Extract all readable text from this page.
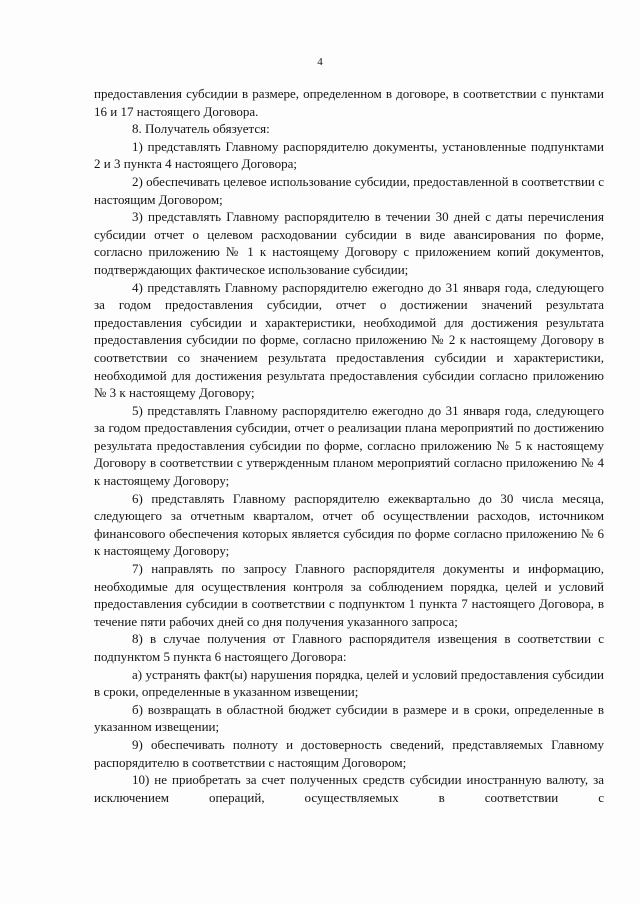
4

предоставления субсидии в размере, определенном в договоре, в соответствии с пунктами 16 и 17 настоящего Договора.

8. Получатель обязуется:

1) представлять Главному распорядителю документы, установленные подпунктами 2 и 3 пункта 4 настоящего Договора;

2) обеспечивать целевое использование субсидии, предоставленной в соответствии с настоящим Договором;

3) представлять Главному распорядителю в течении 30 дней с даты перечисления субсидии отчет о целевом расходовании субсидии в виде авансирования по форме, согласно приложению № 1 к настоящему Договору с приложением копий документов, подтверждающих фактическое использование субсидии;

4) представлять Главному распорядителю ежегодно до 31 января года, следующего за годом предоставления субсидии, отчет о достижении значений результата предоставления субсидии и характеристики, необходимой для достижения результата предоставления субсидии по форме, согласно приложению № 2 к настоящему Договору в соответствии со значением результата предоставления субсидии и характеристики, необходимой для достижения результата предоставления субсидии согласно приложению № 3 к настоящему Договору;

5) представлять Главному распорядителю ежегодно до 31 января года, следующего за годом предоставления субсидии, отчет о реализации плана мероприятий по достижению результата предоставления субсидии по форме, согласно приложению № 5 к настоящему Договору в соответствии с утвержденным планом мероприятий согласно приложению № 4 к настоящему Договору;

6) представлять Главному распорядителю ежеквартально до 30 числа месяца, следующего за отчетным кварталом, отчет об осуществлении расходов, источником финансового обеспечения которых является субсидия по форме согласно приложению № 6 к настоящему Договору;

7) направлять по запросу Главного распорядителя документы и информацию, необходимые для осуществления контроля за соблюдением порядка, целей и условий предоставления субсидии в соответствии с подпунктом 1 пункта 7 настоящего Договора, в течение пяти рабочих дней со дня получения указанного запроса;

8) в случае получения от Главного распорядителя извещения в соответствии с подпунктом 5 пункта 6 настоящего Договора:

а) устранять факт(ы) нарушения порядка, целей и условий предоставления субсидии в сроки, определенные в указанном извещении;

б) возвращать в областной бюджет субсидии в размере и в сроки, определенные в указанном извещении;

9) обеспечивать полноту и достоверность сведений, представляемых Главному распорядителю в соответствии с настоящим Договором;

10) не приобретать за счет полученных средств субсидии иностранную валюту, за исключением операций, осуществляемых в соответствии с
